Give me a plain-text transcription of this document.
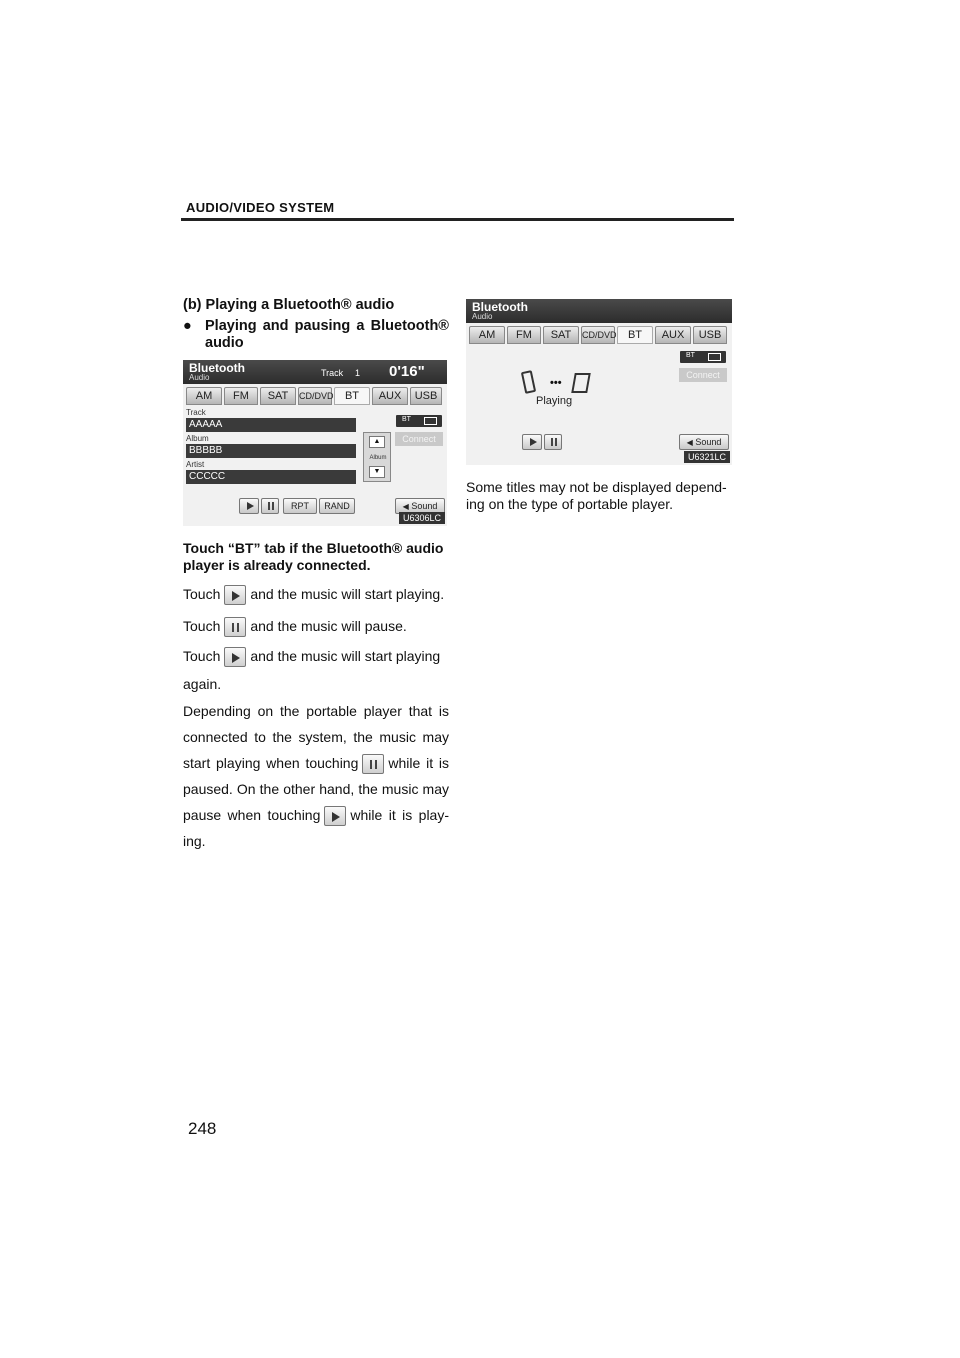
AUDIO/VIDEO SYSTEM
(b) Playing a Bluetooth® audio
● Playing and pausing a Bluetooth® audio
Bluetooth
Audio	Track 1 0'16"
AM	FM	SAT	CD/DVD	BT	AUX	USB
Track
AAAAA
Album
BBBBB
Artist
CCCCC
▲
Album
▼
BT
Connect
RPT	RAND	◀ Sound
U6306LC
Touch “BT” tab if the Bluetooth® audio player is already connected.
Touch and the music will start playing.
Touch and the music will pause.
Touch and the music will start playing again.
Depending on the portable player that is connected to the system, the music may start playing when touching while it is paused. On the other hand, the music may pause when touching while it is play- ing.
Bluetooth
Audio
AM	FM	SAT	CD/DVD	BT	AUX	USB
BT
Connect
•••
Playing
◀ Sound
U6321LC
Some titles may not be displayed depend- ing on the type of portable player.
248
